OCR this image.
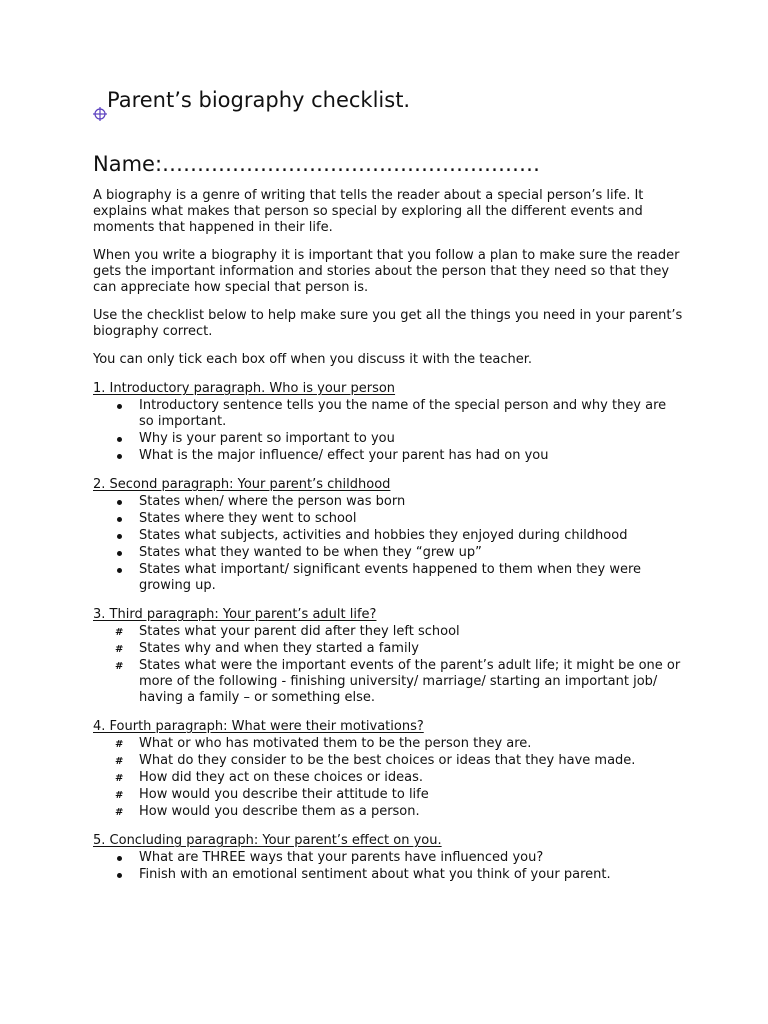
Parent’s biography checklist.
Name:………………………………………………

A biography is a genre of writing that tells the reader about a special person’s life. It explains what makes that person so special by exploring all the different events and moments that happened in their life.

When you write a biography it is important that you follow a plan to make sure the reader gets the important information and stories about the person that they need so that they can appreciate how special that person is.

Use the checklist below to help make sure you get all the things you need in your parent’s biography correct.

You can only tick each box off when you discuss it with the teacher.

1. Introductory paragraph. Who is your person
Introductory sentence tells you the name of the special person and why they are so important.
Why is your parent so important to you
What is the major influence/ effect your parent has had on you
2. Second paragraph: Your parent’s childhood
States when/ where the person was born
States where they went to school
States what subjects, activities and hobbies they enjoyed during childhood
States what they wanted to be when they “grew up”
States what important/ significant events happened to them when they were growing up.
3. Third paragraph: Your parent’s adult life?
# States what your parent did after they left school
# States why and when they started a family
# States what were the important events of the parent’s adult life; it might be one or more of the following - finishing university/ marriage/ starting an important job/ having a family – or something else.
4. Fourth paragraph: What were their motivations?
# What or who has motivated them to be the person they are.
# What do they consider to be the best choices or ideas that they have made.
# How did they act on these choices or ideas.
# How would you describe their attitude to life
# How would you describe them as a person.
5. Concluding paragraph: Your parent’s effect on you.
What are THREE ways that your parents have influenced you?
Finish with an emotional sentiment about what you think of your parent.
